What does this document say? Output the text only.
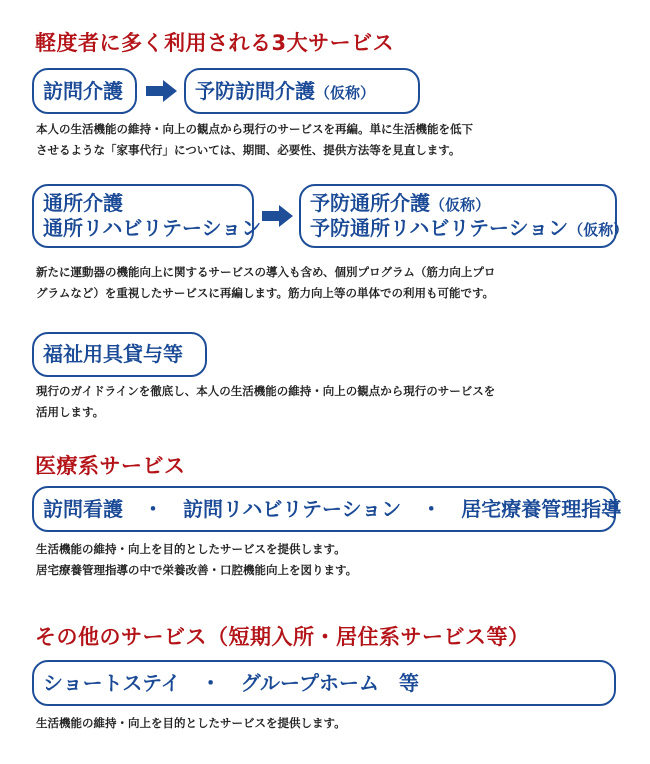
軽度者に多く利用される3大サービス
訪問介護	予防訪問介護（仮称）

本人の生活機能の維持・向上の観点から現行のサービスを再編。単に生活機能を低下
させるような「家事代行」については、期間、必要性、提供方法等を見直します。

通所介護
通所リハビリテーション
予防通所介護（仮称）
予防通所リハビリテーション（仮称）

新たに運動器の機能向上に関するサービスの導入も含め、個別プログラム（筋力向上プロ
グラムなど）を重視したサービスに再編します。筋力向上等の単体での利用も可能です。

福祉用具貸与等

現行のガイドラインを徹底し、本人の生活機能の維持・向上の観点から現行のサービスを
活用します。

医療系サービス
訪問看護　・　訪問リハビリテーション　・　居宅療養管理指導

生活機能の維持・向上を目的としたサービスを提供します。
居宅療養管理指導の中で栄養改善・口腔機能向上を図ります。

その他のサービス（短期入所・居住系サービス等）
ショートステイ　・　グループホーム　等

生活機能の維持・向上を目的としたサービスを提供します。
